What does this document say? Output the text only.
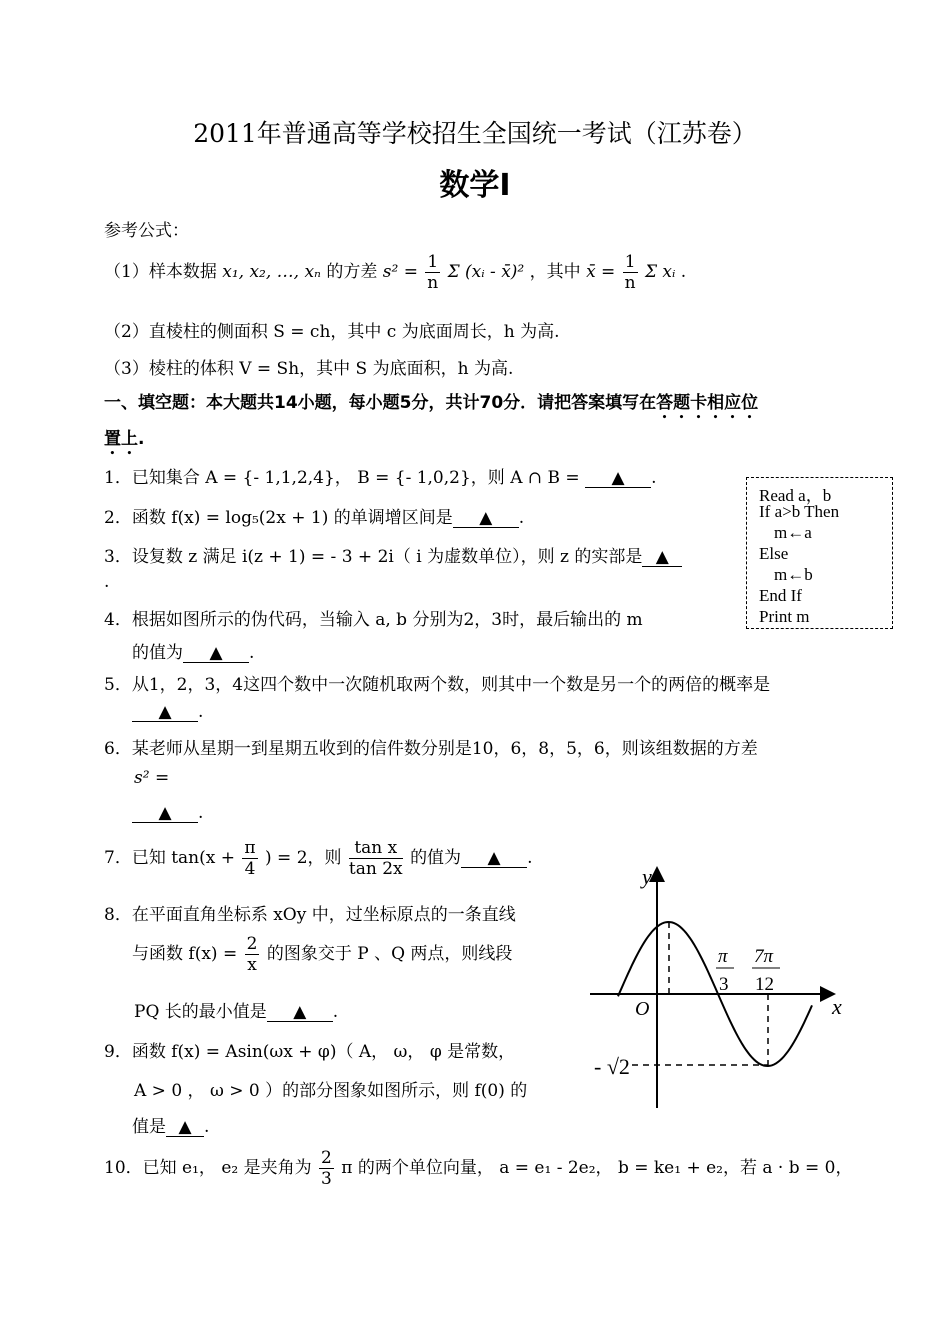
2011年普通高等学校招生全国统一考试（江苏卷）
数学Ⅰ
参考公式：
（1）样本数据 x₁, x₂, …, xₙ 的方差 $s^2 = \frac{1}{n}$ Σ (xᵢ - x̄)² ，其中 x̄ = $\frac{1}{n}$ Σ xᵢ .
（2）直棱柱的侧面积 S = ch，其中 c 为底面周长，h 为高.
（3）棱柱的体积 V = Sh，其中 S 为底面积，h 为高.
一、填空题：本大题共14小题，每小题5分，共计70分．请把答案填写在答题卡相应位
置上.
1．已知集合 A = {- 1,1,2,4}， B = {- 1,0,2}，则 A ∩ B = ▲ .
2．函数 f(x) = log₅(2x + 1) 的单调增区间是 ▲ .
3．设复数 z 满足 i(z + 1) = - 3 + 2i（ i 为虚数单位），则 z 的实部是 ▲
.
4．根据如图所示的伪代码，当输入 a, b 分别为2，3时，最后输出的 m
的值为 ▲ .
5．从1，2，3，4这四个数中一次随机取两个数，则其中一个数是另一个的两倍的概率是
▲ .
6．某老师从星期一到星期五收到的信件数分别是10，6，8，5，6，则该组数据的方差
s² =
▲ .
7．已知 $\tan(x + \frac{\pi}{4}$ ) = 2，则 $\frac{\text{tan x}}{\tan 2x}$ 的值为 ▲ .
8．在平面直角坐标系 xOy 中，过坐标原点的一条直线
与函数 $f(x) = \frac{2}{x}$ 的图象交于 P 、Q 两点，则线段
PQ 长的最小值是 ▲ .
9．函数 f(x) = Asin(ωx + φ)（ A， ω， φ 是常数，
A > 0 ， ω > 0 ）的部分图象如图所示，则 f(0) 的
值是 ▲ .
10．已知 e₁， e₂ 是夹角为 $\frac{2}{3}$ π 的两个单位向量， a = e₁ - 2e₂， b = ke₁ + e₂，若 a · b = 0，
Read a，b
If a>b Then
m←a
Else
m←b
End If
Print m
y
x
O
π
3
7π
12
- √2
